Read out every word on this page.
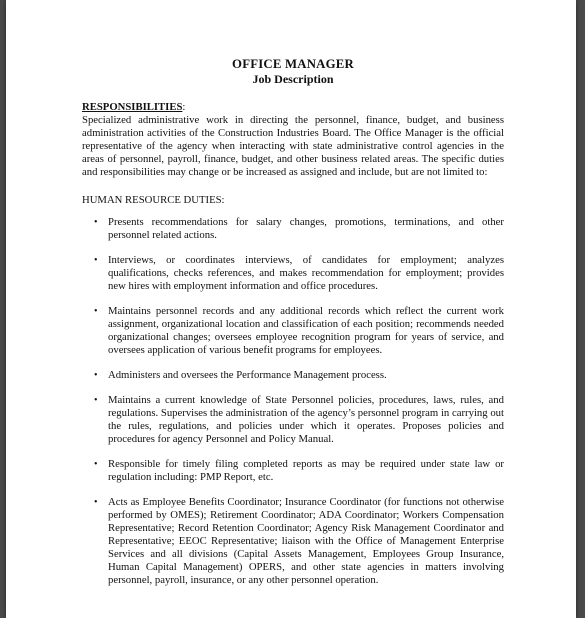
OFFICE MANAGER
Job Description
RESPONSIBILITIES:

Specialized administrative work in directing the personnel, finance, budget, and business administration activities of the Construction Industries Board. The Office Manager is the official representative of the agency when interacting with state administrative control agencies in the areas of personnel, payroll, finance, budget, and other business related areas. The specific duties and responsibilities may change or be increased as assigned and include, but are not limited to:

HUMAN RESOURCE DUTIES:
• Presents recommendations for salary changes, promotions, terminations, and other personnel related actions.
• Interviews, or coordinates interviews, of candidates for employment; analyzes qualifications, checks references, and makes recommendation for employment; provides new hires with employment information and office procedures.
• Maintains personnel records and any additional records which reflect the current work assignment, organizational location and classification of each position; recommends needed organizational changes; oversees employee recognition program for years of service, and oversees application of various benefit programs for employees.
• Administers and oversees the Performance Management process.
• Maintains a current knowledge of State Personnel policies, procedures, laws, rules, and regulations. Supervises the administration of the agency’s personnel program in carrying out the rules, regulations, and policies under which it operates. Proposes policies and procedures for agency Personnel and Policy Manual.
• Responsible for timely filing completed reports as may be required under state law or regulation including: PMP Report, etc.
• Acts as Employee Benefits Coordinator; Insurance Coordinator (for functions not otherwise performed by OMES); Retirement Coordinator; ADA Coordinator; Workers Compensation Representative; Record Retention Coordinator; Agency Risk Management Coordinator and Representative; EEOC Representative; liaison with the Office of Management Enterprise Services and all divisions (Capital Assets Management, Employees Group Insurance, Human Capital Management) OPERS, and other state agencies in matters involving personnel, payroll, insurance, or any other personnel operation.
